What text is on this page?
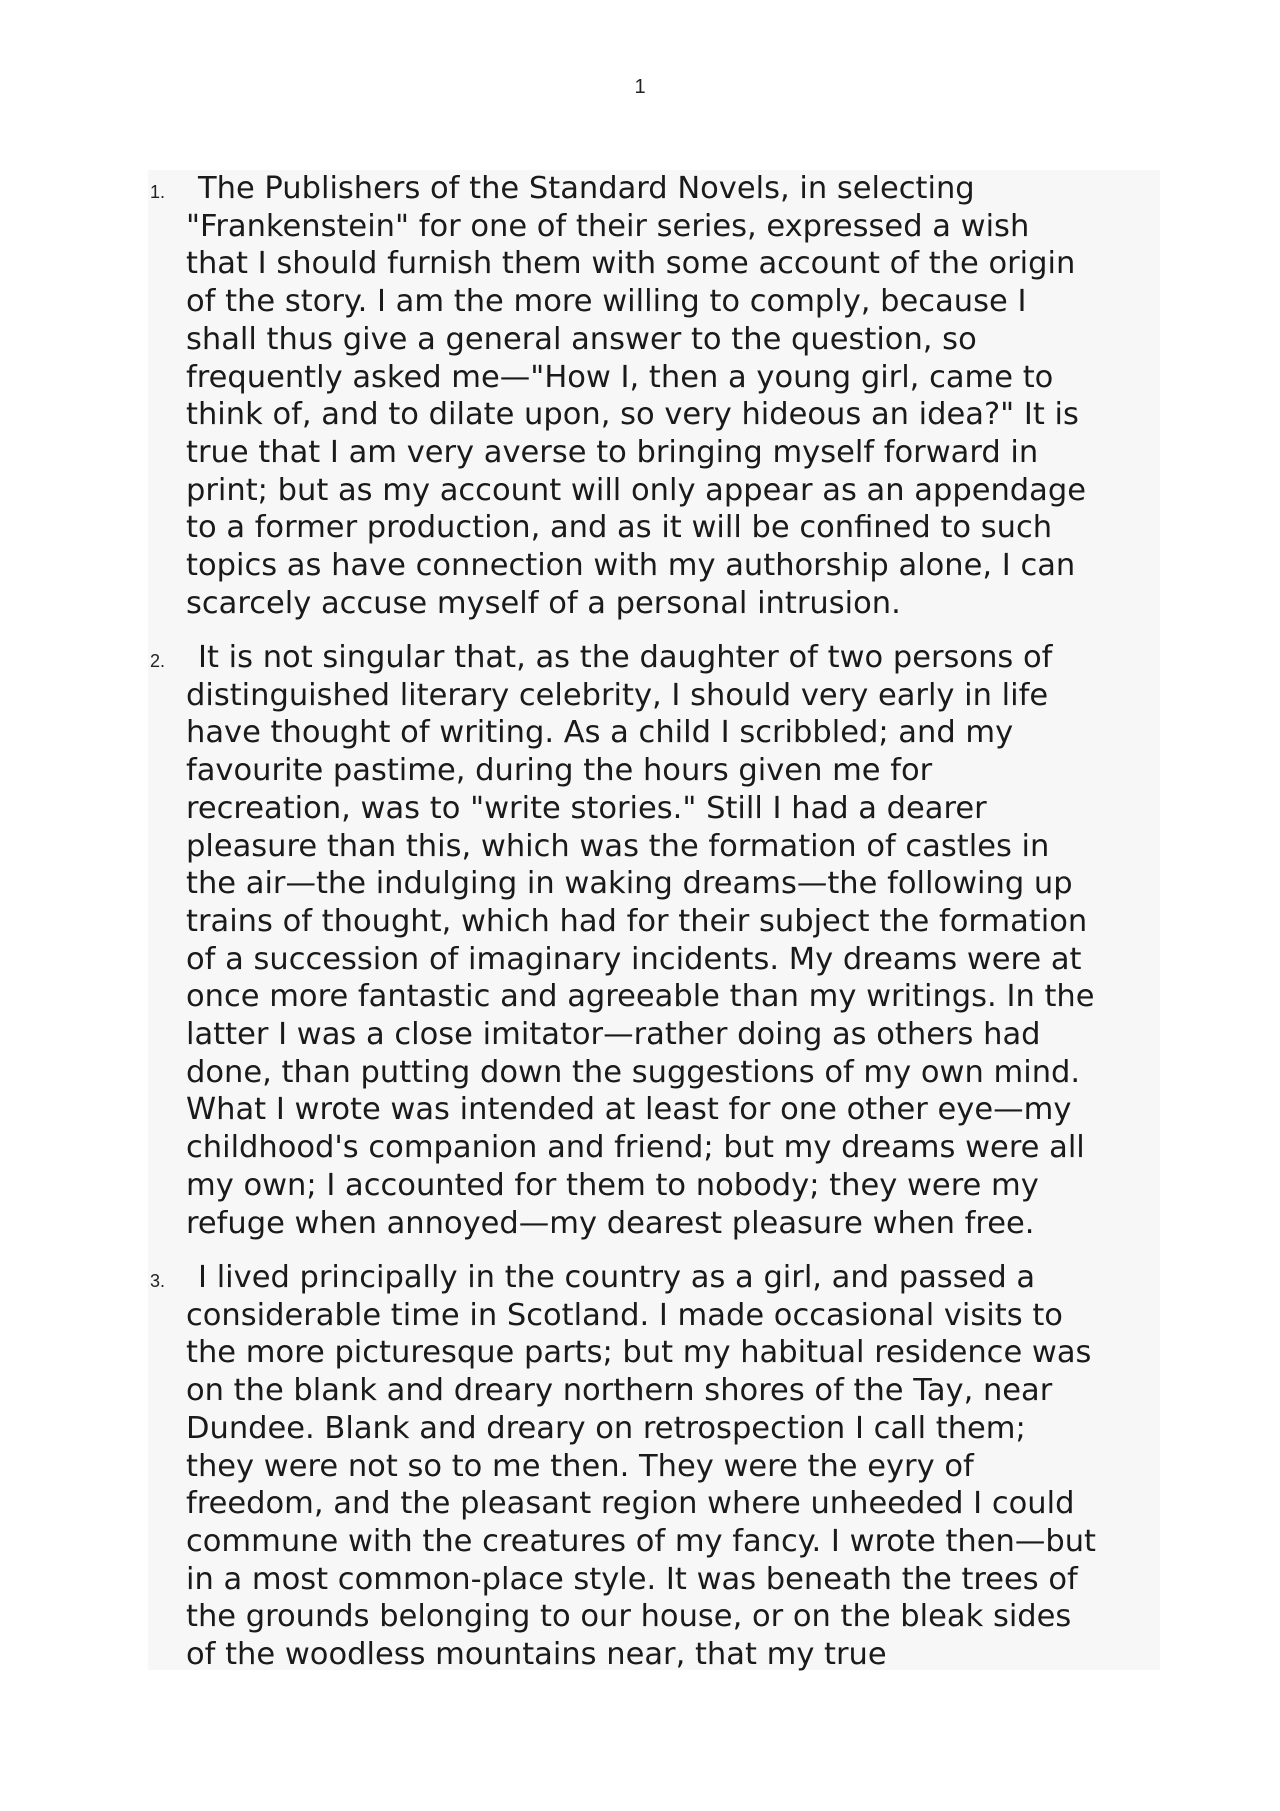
1
1.	The Publishers of the Standard Novels, in selecting
"Frankenstein" for one of their series, expressed a wish
that I should furnish them with some account of the origin
of the story. I am the more willing to comply, because I
shall thus give a general answer to the question, so
frequently asked me—"How I, then a young girl, came to
think of, and to dilate upon, so very hideous an idea?" It is
true that I am very averse to bringing myself forward in
print; but as my account will only appear as an appendage
to a former production, and as it will be confined to such
topics as have connection with my authorship alone, I can
scarcely accuse myself of a personal intrusion.
2.	It is not singular that, as the daughter of two persons of
distinguished literary celebrity, I should very early in life
have thought of writing. As a child I scribbled; and my
favourite pastime, during the hours given me for
recreation, was to "write stories." Still I had a dearer
pleasure than this, which was the formation of castles in
the air—the indulging in waking dreams—the following up
trains of thought, which had for their subject the formation
of a succession of imaginary incidents. My dreams were at
once more fantastic and agreeable than my writings. In the
latter I was a close imitator—rather doing as others had
done, than putting down the suggestions of my own mind.
What I wrote was intended at least for one other eye—my
childhood's companion and friend; but my dreams were all
my own; I accounted for them to nobody; they were my
refuge when annoyed—my dearest pleasure when free.
3.	I lived principally in the country as a girl, and passed a
considerable time in Scotland. I made occasional visits to
the more picturesque parts; but my habitual residence was
on the blank and dreary northern shores of the Tay, near
Dundee. Blank and dreary on retrospection I call them;
they were not so to me then. They were the eyry of
freedom, and the pleasant region where unheeded I could
commune with the creatures of my fancy. I wrote then—but
in a most common-place style. It was beneath the trees of
the grounds belonging to our house, or on the bleak sides
of the woodless mountains near, that my true
